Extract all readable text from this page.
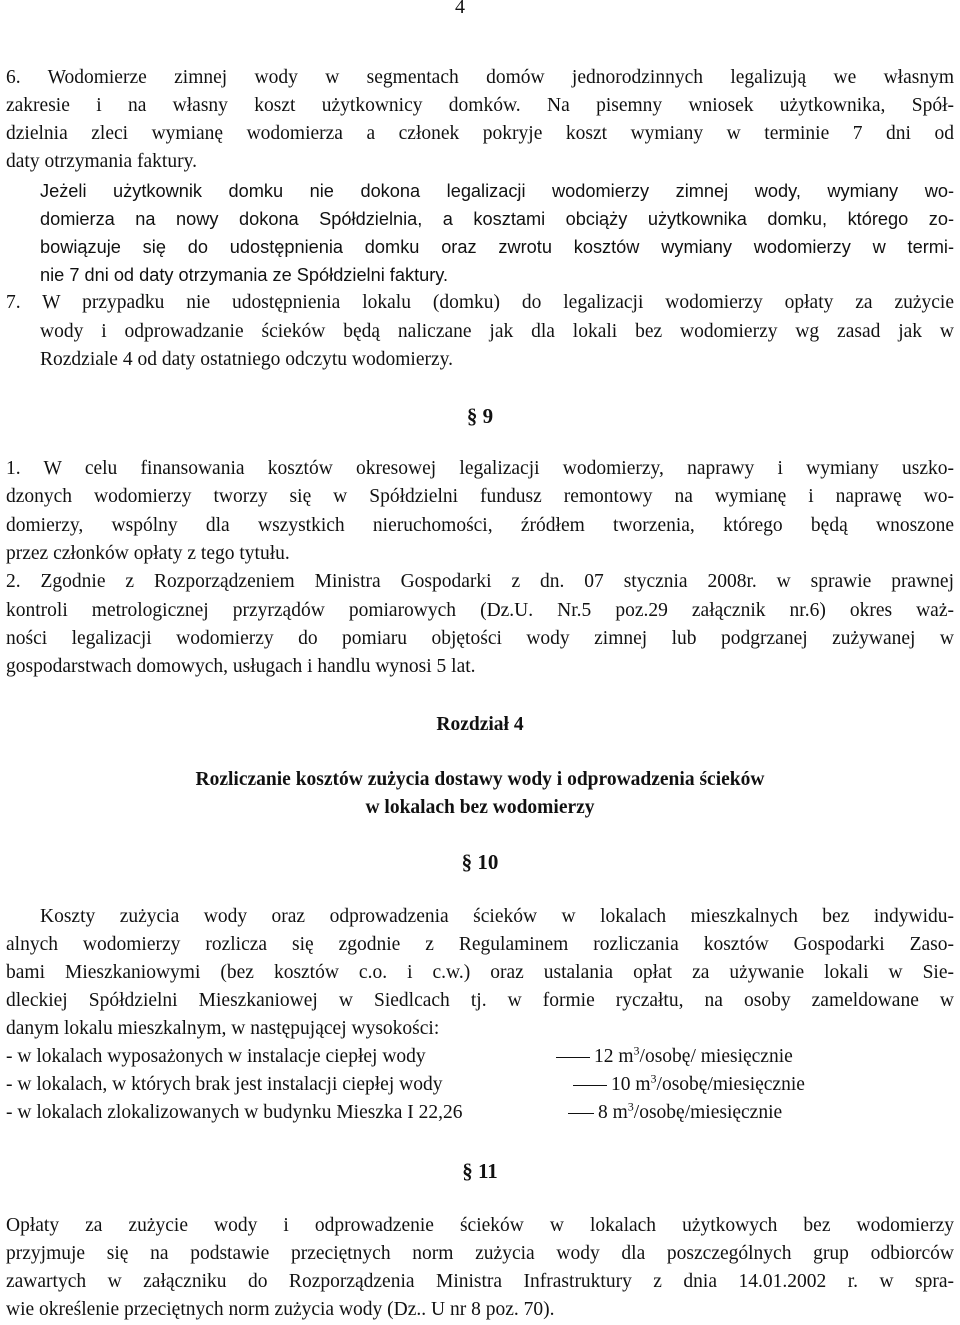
4
6. Wodomierze zimnej wody w segmentach domów jednorodzinnych legalizują we własnym
zakresie i na własny koszt użytkownicy domków. Na pisemny wniosek użytkownika, Spół-
dzielnia zleci wymianę wodomierza a członek pokryje koszt wymiany w terminie 7 dni od
daty otrzymania faktury.
Jeżeli użytkownik domku nie dokona legalizacji wodomierzy zimnej wody, wymiany wo-
domierza na nowy dokona Spółdzielnia, a kosztami obciąży użytkownika domku, którego zo-
bowiązuje się do udostępnienia domku oraz zwrotu kosztów wymiany wodomierzy w termi-
nie 7 dni od daty otrzymania ze Spółdzielni faktury.
7. W przypadku nie udostępnienia lokalu (domku) do legalizacji wodomierzy opłaty za zużycie
wody i odprowadzanie ścieków będą naliczane jak dla lokali bez wodomierzy wg zasad jak w
Rozdziale 4 od daty ostatniego odczytu wodomierzy.
§ 9
1. W celu finansowania kosztów okresowej legalizacji wodomierzy, naprawy i wymiany uszko-
dzonych wodomierzy tworzy się w Spółdzielni fundusz remontowy na wymianę i naprawę wo-
domierzy, wspólny dla wszystkich nieruchomości, źródłem tworzenia, którego będą wnoszone
przez członków opłaty z tego tytułu.
2. Zgodnie z Rozporządzeniem Ministra Gospodarki z dn. 07 stycznia 2008r. w sprawie prawnej
kontroli metrologicznej przyrządów pomiarowych (Dz.U. Nr.5 poz.29 załącznik nr.6) okres waż-
ności legalizacji wodomierzy do pomiaru objętości wody zimnej lub podgrzanej zużywanej w
gospodarstwach domowych, usługach i handlu wynosi 5 lat.
Rozdział 4
Rozliczanie kosztów zużycia dostawy wody i odprowadzenia ścieków
w lokalach bez wodomierzy
§ 10
Koszty zużycia wody oraz odprowadzenia ścieków w lokalach mieszkalnych bez indywidu-
alnych wodomierzy rozlicza się zgodnie z Regulaminem rozliczania kosztów Gospodarki Zaso-
bami Mieszkaniowymi (bez kosztów c.o. i c.w.) oraz ustalania opłat za używanie lokali w Sie-
dleckiej Spółdzielni Mieszkaniowej w Siedlcach tj. w formie ryczałtu, na osoby zameldowane w
danym lokalu mieszkalnym, w następującej wysokości:
- w lokalach wyposażonych w instalacje ciepłej wody	12 $m^3/osobę/$ miesięcznie
- w lokalach, w których brak jest instalacji ciepłej wody	10 $m^3/osobę$/miesięcznie
- w lokalach zlokalizowanych w budynku Mieszka I 22,26	8 $m^3/osobę$/miesięcznie
§ 11
Opłaty za zużycie wody i odprowadzenie ścieków w lokalach użytkowych bez wodomierzy
przyjmuje się na podstawie przeciętnych norm zużycia wody dla poszczególnych grup odbiorców
zawartych w załączniku do Rozporządzenia Ministra Infrastruktury z dnia 14.01.2002 r. w spra-
wie określenie przeciętnych norm zużycia wody (Dz.. U nr 8 poz. 70).
